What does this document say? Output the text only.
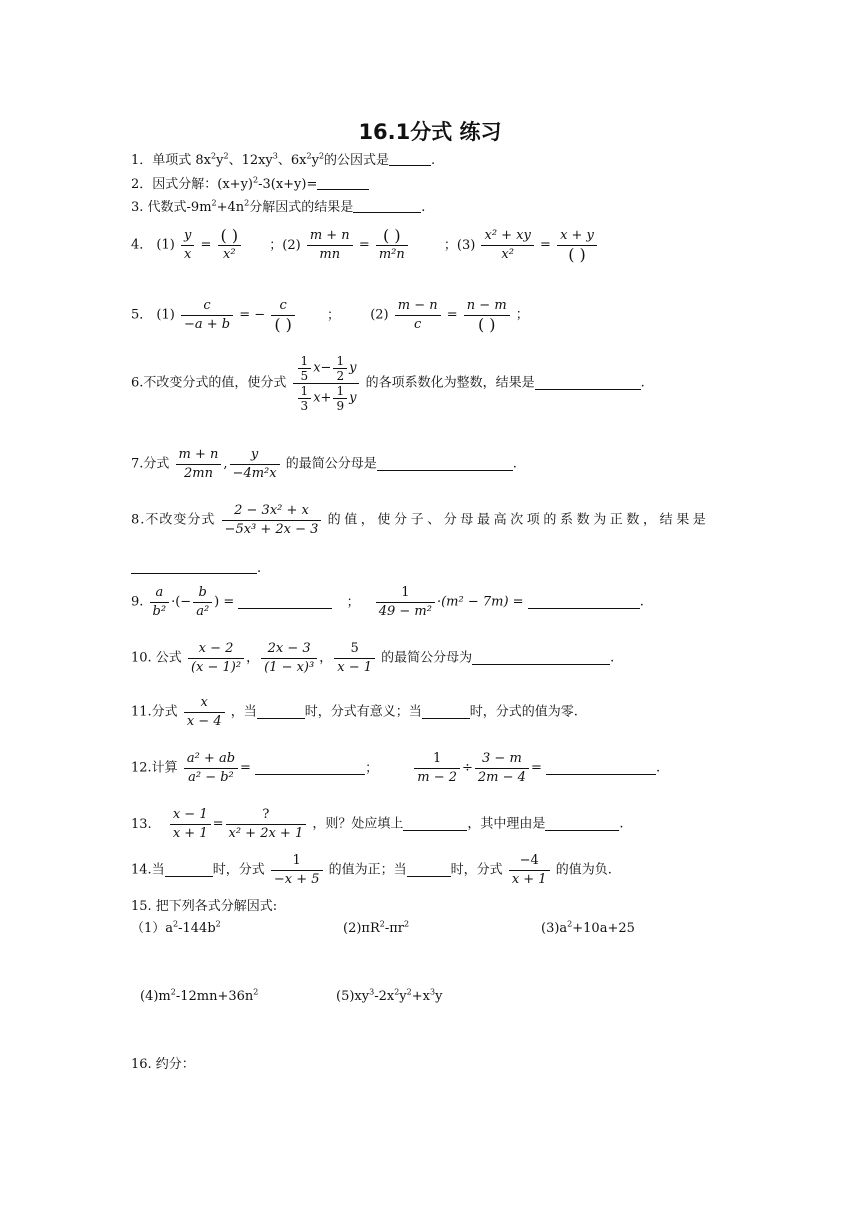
16.1分式 练习
1．单项式 $8x^2y^2$、$12xy^3$、$6x^2y^2$的公因式是	.
2．因式分解：$(x+y)^2-3(x+y)=$
3. 代数式$-9m^2+4n^2$分解因式的结果是	.
4． $(1) \frac{y}{x} = \frac{( )}{\text{x²}}$ ；$(2) \frac{m + n}{mn} = \frac{( )}{\text{m²n}}$	；$(3) \frac{\text{x² + xy}}{\text{x²}} = \frac{x + y}{( )}$
5． $(1) \frac{c}{-a + b}$ = − $\frac{c}{( )}$ ； $(2) \frac{m - n}{c} = \frac{n - m}{( )}$ ；
6.不改变分式的值，使分式 $\frac{\frac{1}{5} x- \frac{1}{2} y}{\frac{1}{3} x+ \frac{1}{9} y}$ 的各项系数化为整数，结果是	.
7.分式 $\frac{m + n}{2mn}$ , $\frac{y}{\text{−4m²x}}$ 的最简公分母是	.
8.不改变分式 $\frac{\text{2 − 3x² + x}}{\text{−5x³ + 2x − 3}}$ 的值，使分子、分母最高次项的系数为正数，结果是
.
9. $\frac{a}{\text{b²}}$ ·(− $\frac{b}{\text{a²}}$ ) =	； $\frac{1}{\text{49 − m²}} \cdot(m^2 - 7m)$ =	.
10. 公式 $\frac{x - 2}{\text{(x − 1)²}}$ ， $\frac{2x - 3}{\text{(1 − x)³}}$ ， $\frac{5}{x - 1}$ 的最简公分母为	.
11.分式 $\frac{x}{x - 4}$ ，当	时，分式有意义；当	时，分式的值为零.
12.计算 $\frac{\text{a² + ab}}{\text{a² − b²}}$ =	；	$\frac{1}{m - 2} \div \frac{3 - m}{2m - 4}$ =	.
13. $\frac{x - 1}{x + 1} = \frac{?}{\text{x² + 2x + 1}}$ ，则？处应填上	，其中理由是	.
14.当	时，分式 $\frac{1}{-x + 5}$ 的值为正；当	时，分式 $\frac{-4}{x + 1}$ 的值为负.
15. 把下列各式分解因式:
$(1)a^2-144b^2$	$(2)\pi R^2-\pi r^2$	$(3)a^2+10a+25$
$(4)m^2-12mn+36n^2$	$(5)xy^3-2x^2y^2+x^3y$
16. 约分：
